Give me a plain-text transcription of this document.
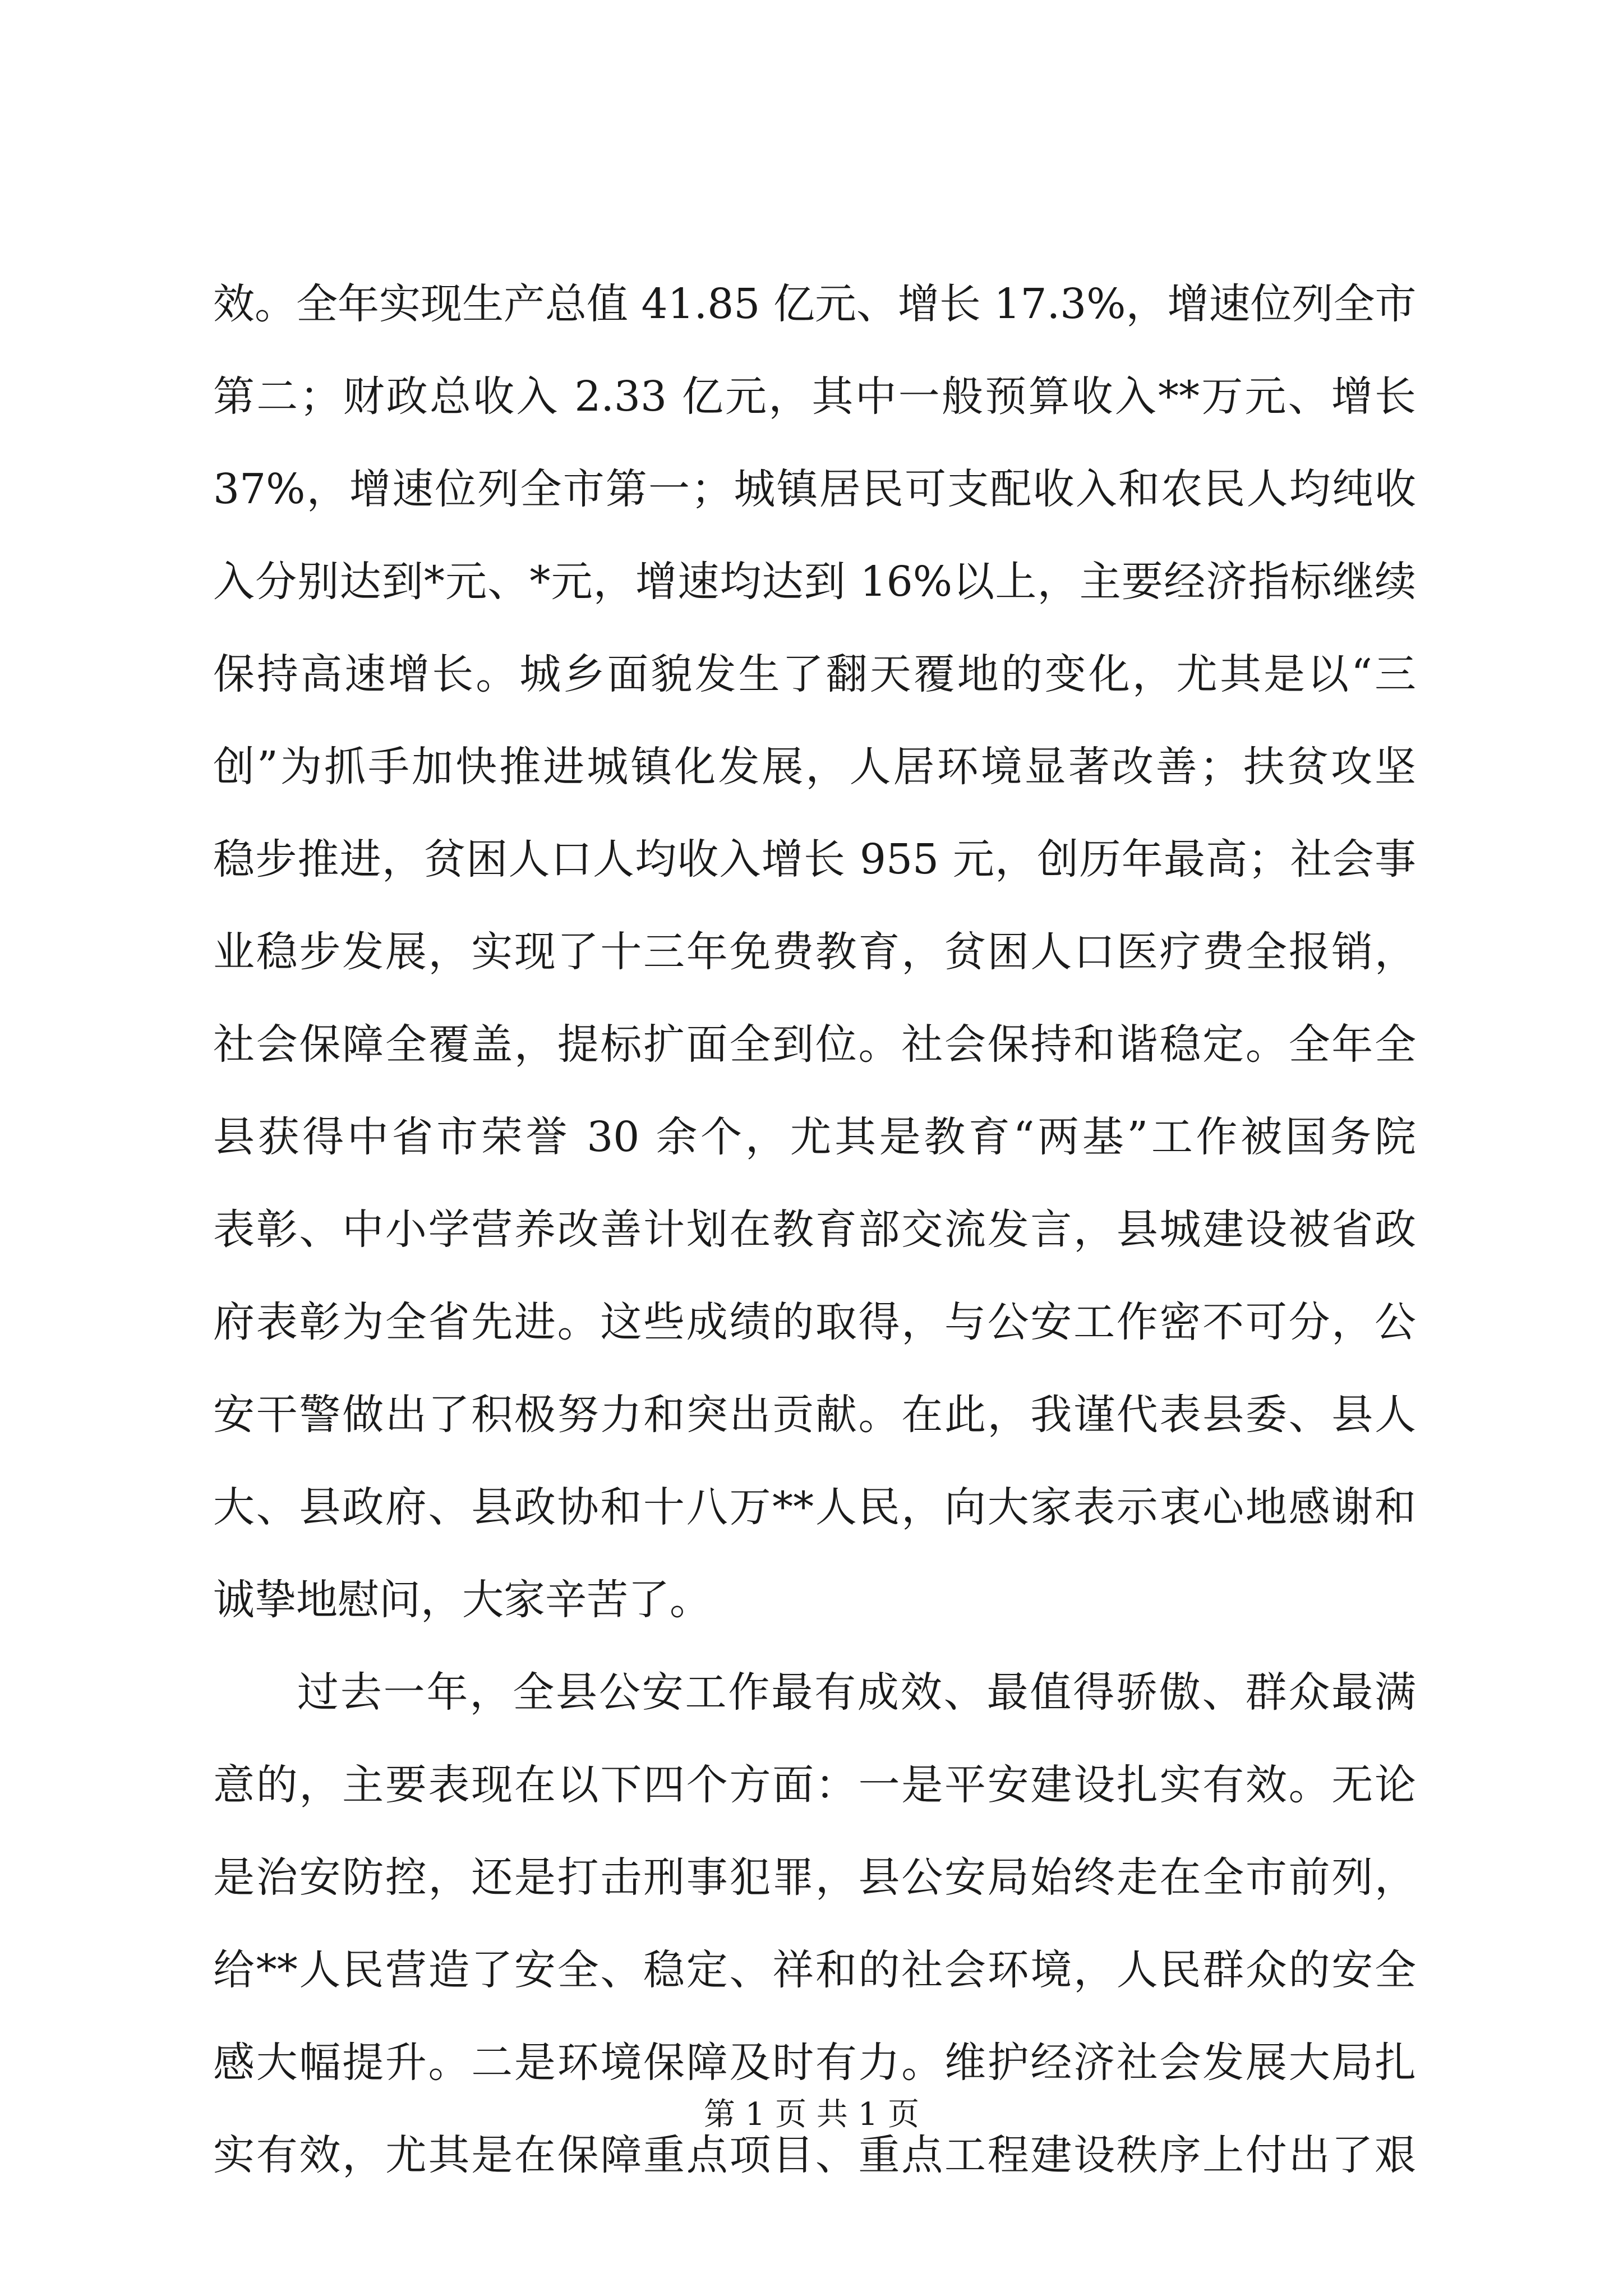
效。全年实现生产总值 41.85 亿元、增长 17.3%，增速位列全市
第二；财政总收入 2.33 亿元，其中一般预算收入**万元、增长
37%，增速位列全市第一；城镇居民可支配收入和农民人均纯收
入分别达到*元、*元，增速均达到 16%以上，主要经济指标继续
保持高速增长。城乡面貌发生了翻天覆地的变化，尤其是以“三
创”为抓手加快推进城镇化发展，人居环境显著改善；扶贫攻坚
稳步推进，贫困人口人均收入增长 955 元，创历年最高；社会事
业稳步发展，实现了十三年免费教育，贫困人口医疗费全报销，
社会保障全覆盖，提标扩面全到位。社会保持和谐稳定。全年全
县获得中省市荣誉 30 余个，尤其是教育“两基”工作被国务院
表彰、中小学营养改善计划在教育部交流发言，县城建设被省政
府表彰为全省先进。这些成绩的取得，与公安工作密不可分，公
安干警做出了积极努力和突出贡献。在此，我谨代表县委、县人
大、县政府、县政协和十八万**人民，向大家表示衷心地感谢和
诚挚地慰问，大家辛苦了。
过去一年，全县公安工作最有成效、最值得骄傲、群众最满
意的，主要表现在以下四个方面：一是平安建设扎实有效。无论
是治安防控，还是打击刑事犯罪，县公安局始终走在全市前列，
给**人民营造了安全、稳定、祥和的社会环境，人民群众的安全
感大幅提升。二是环境保障及时有力。维护经济社会发展大局扎
实有效，尤其是在保障重点项目、重点工程建设秩序上付出了艰
第 1 页 共 1 页
